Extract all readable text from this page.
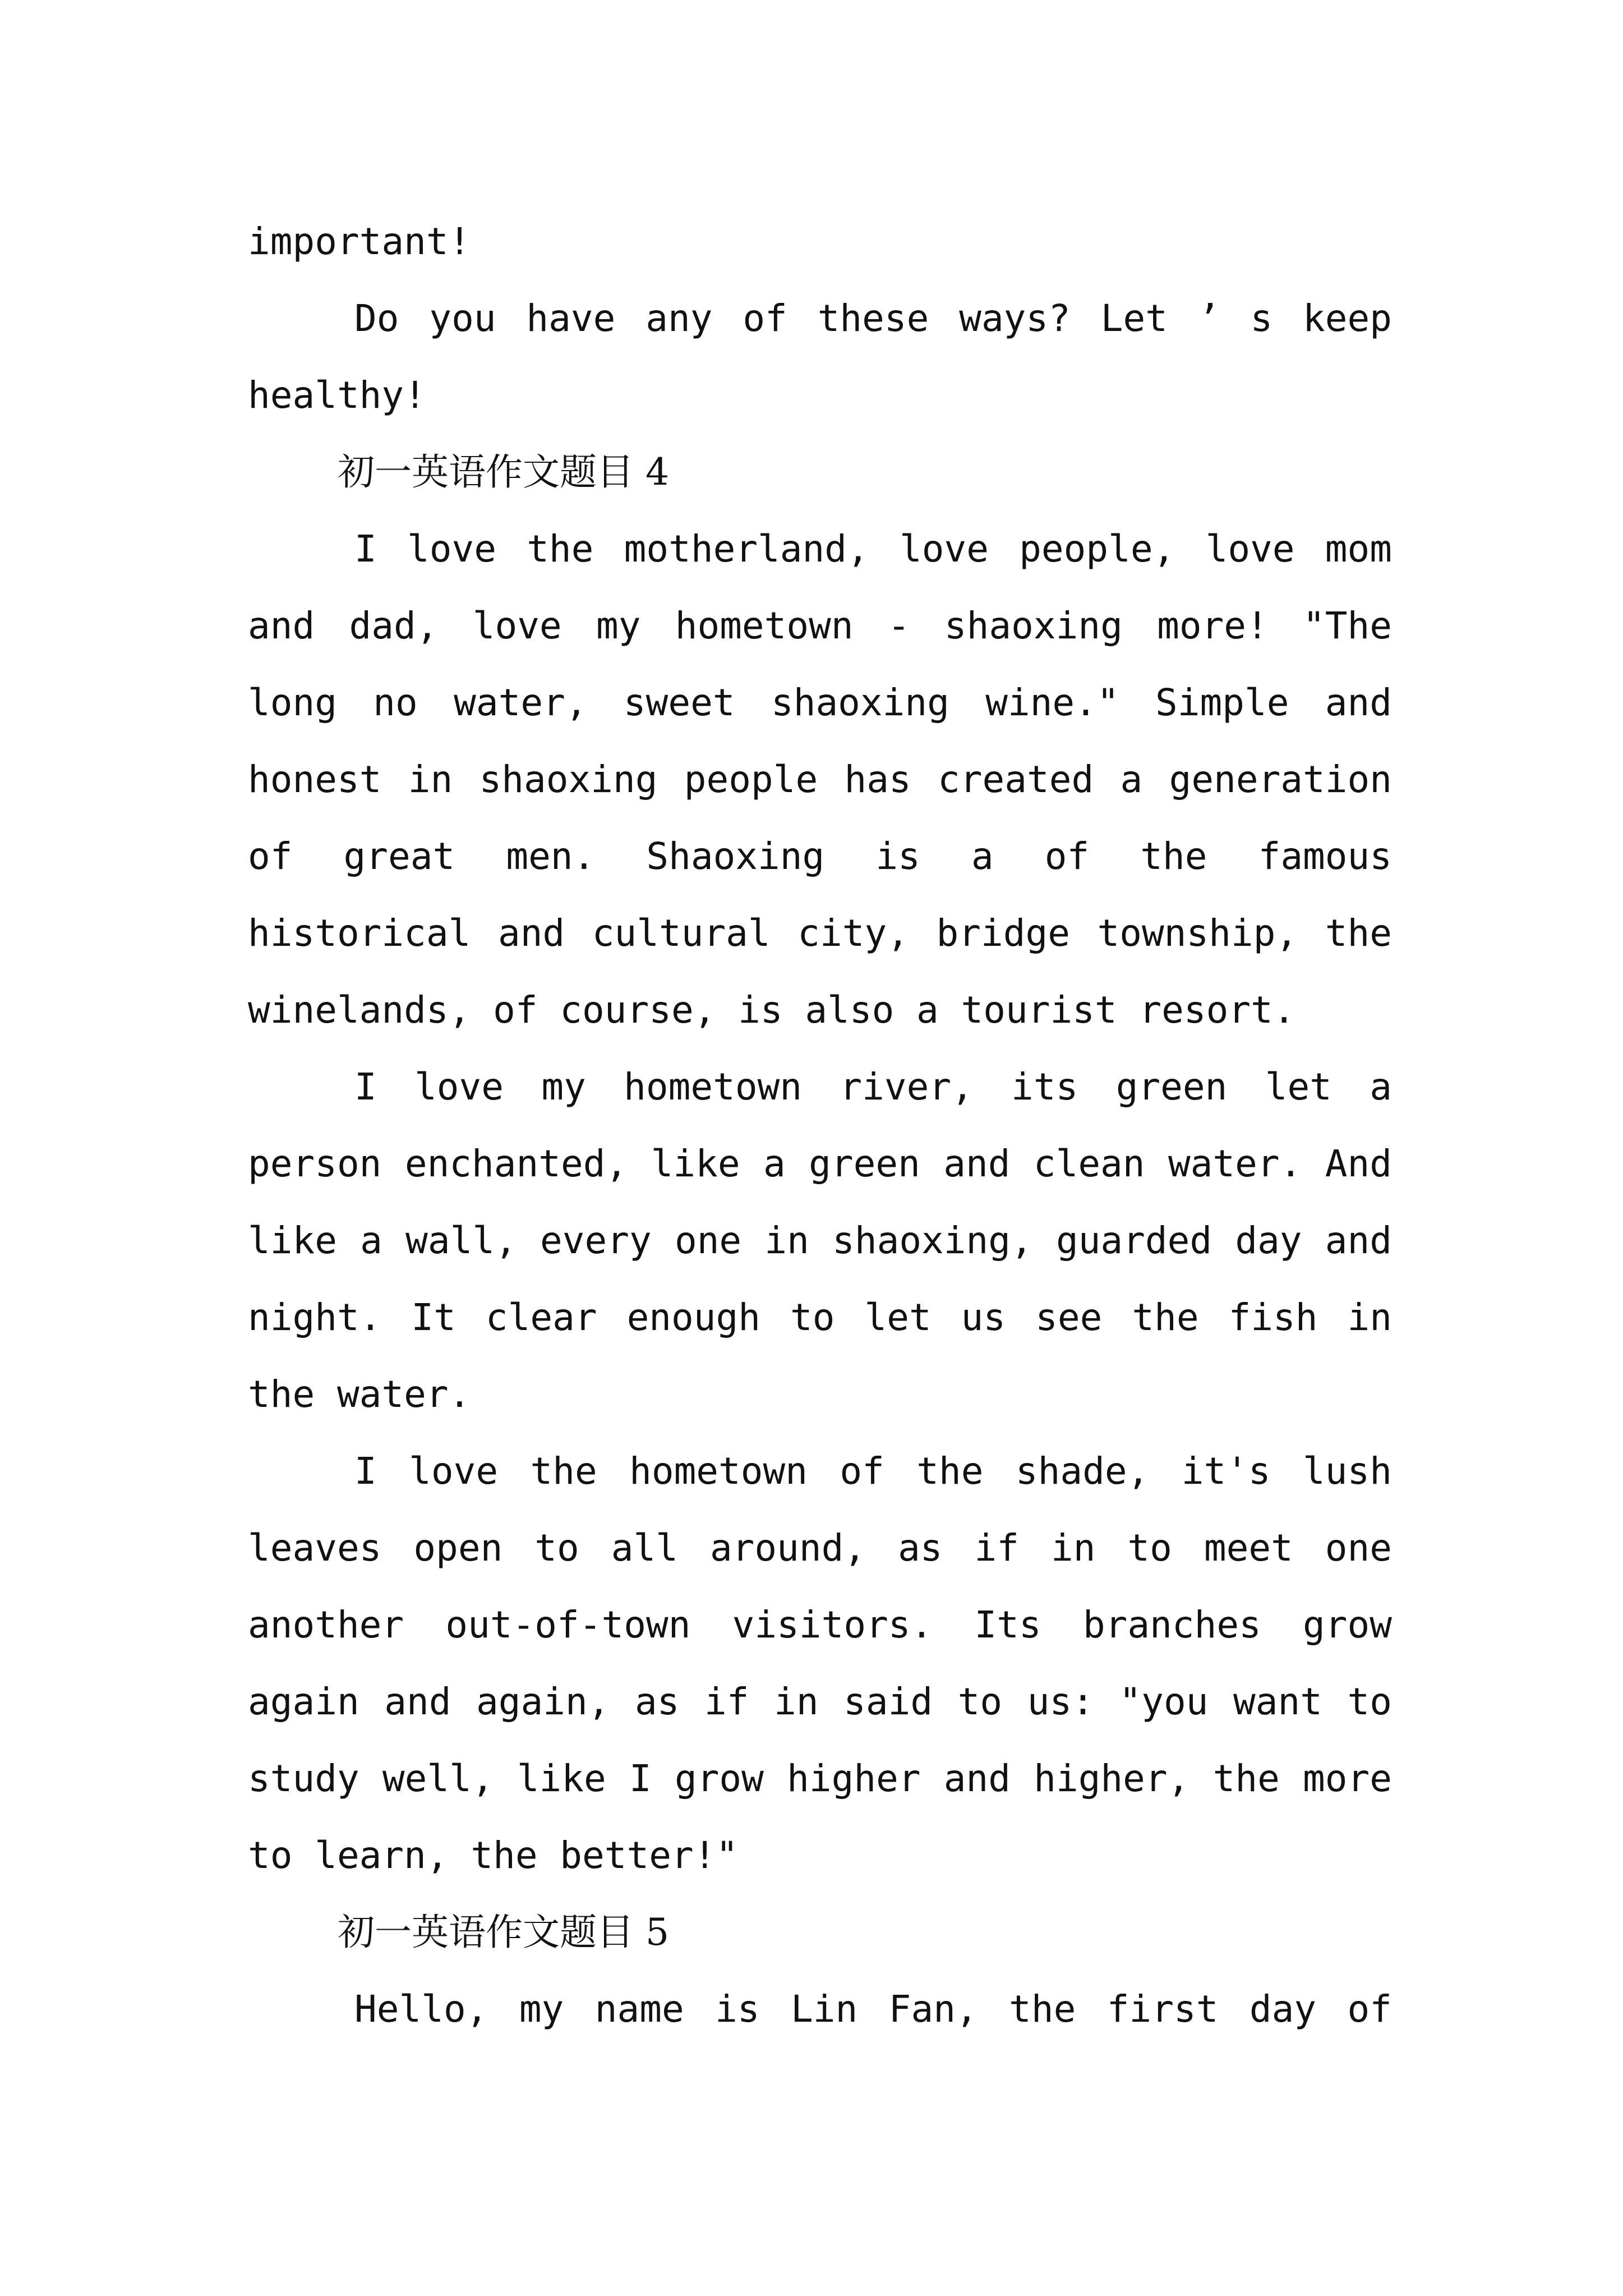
important!
Do you have any of these ways? Let ’ s keep
healthy!
初一英语作文题目 4
I love the motherland, love people, love mom
and dad, love my hometown - shaoxing more! "The
long no water, sweet shaoxing wine." Simple and
honest in shaoxing people has created a generation
of great men. Shaoxing is a of the famous
historical and cultural city, bridge township, the
winelands, of course, is also a tourist resort.
I love my hometown river, its green let a
person enchanted, like a green and clean water. And
like a wall, every one in shaoxing, guarded day and
night. It clear enough to let us see the fish in
the water.
I love the hometown of the shade, it's lush
leaves open to all around, as if in to meet one
another out-of-town visitors. Its branches grow
again and again, as if in said to us: "you want to
study well, like I grow higher and higher, the more
to learn, the better!"
初一英语作文题目 5
Hello, my name is Lin Fan, the first day of
